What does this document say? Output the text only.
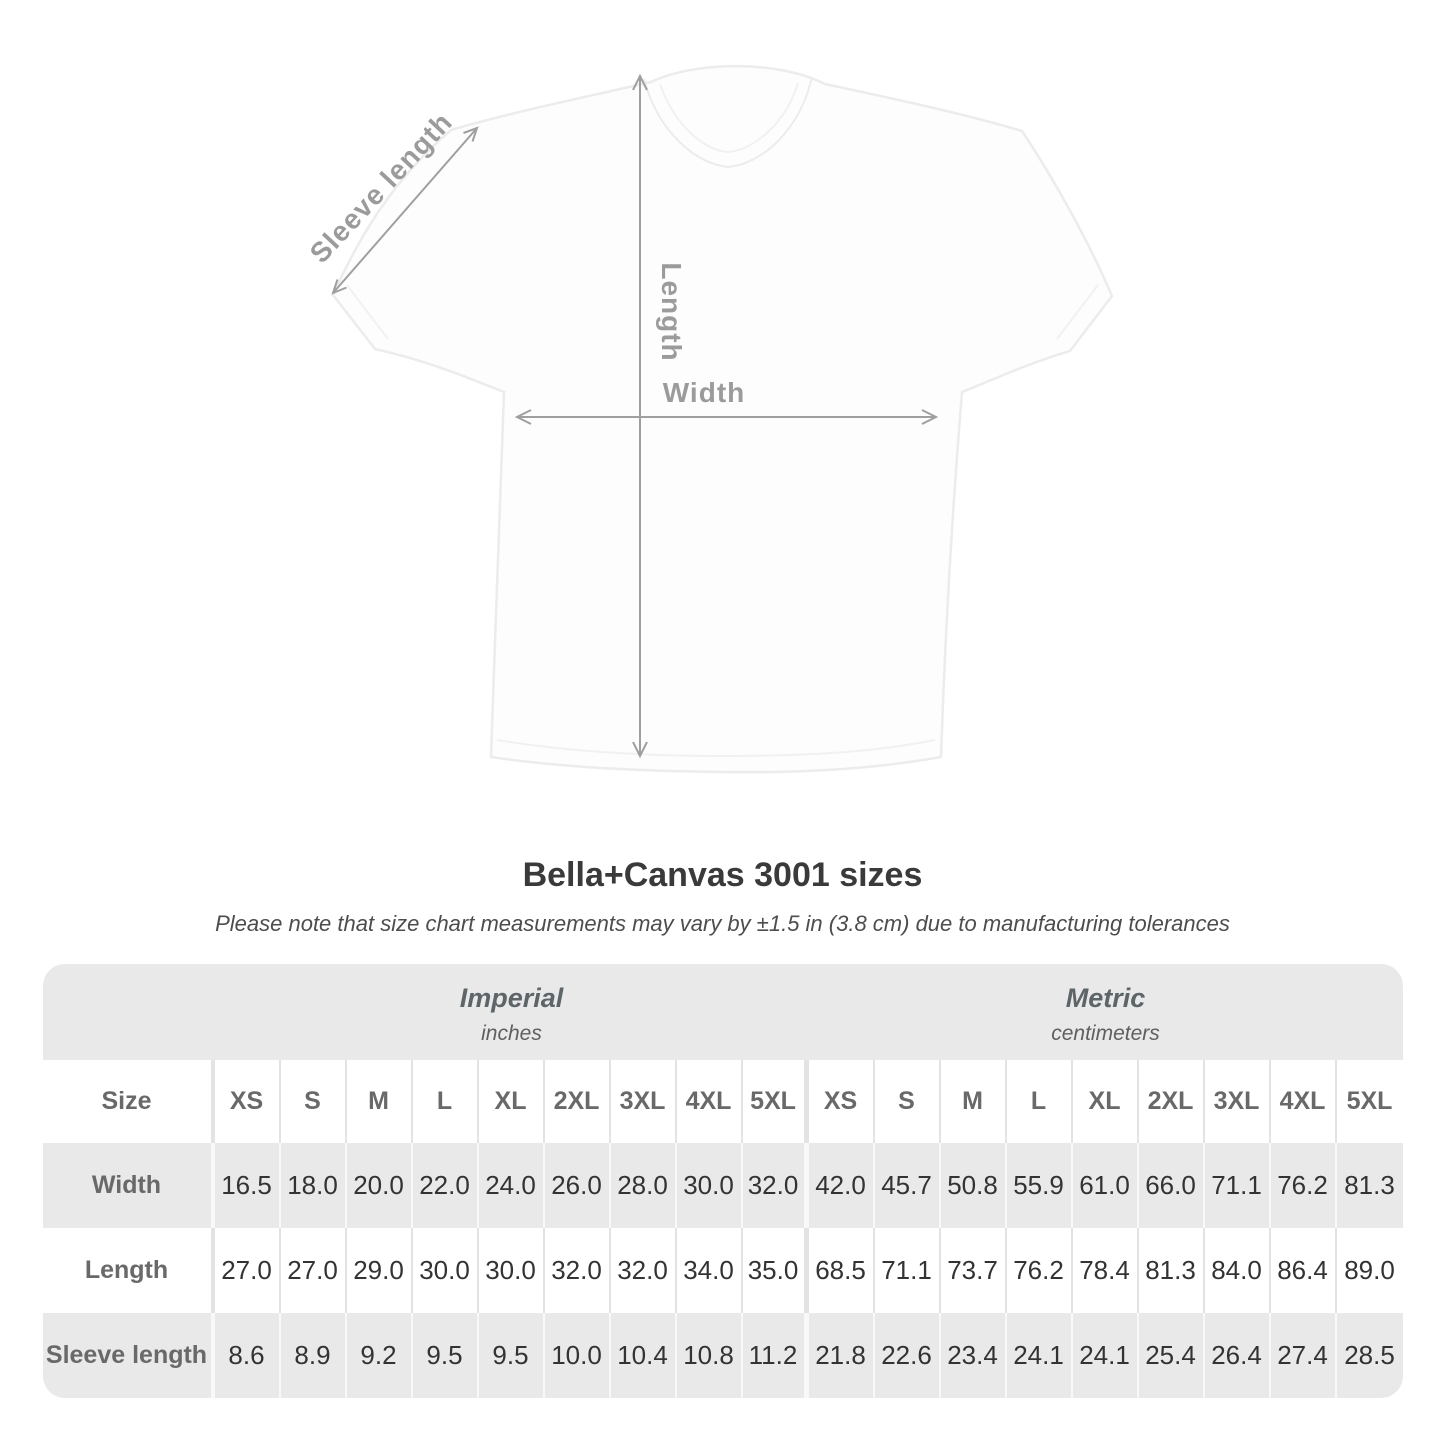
Sleeve length
Length
Width
Bella+Canvas 3001 sizes

Please note that size chart measurements may vary by ±1.5 in (3.8 cm) due to manufacturing tolerances

Imperial
inches
Metric
centimeters
Size	XS	S	M	L	XL	2XL 3XL 4XL 5XL	XS	S	M	L	XL	2XL 3XL 4XL 5XL
Width	16.5 18.0 20.0 22.0 24.0 26.0 28.0 30.0 32.0 42.0 45.7 50.8 55.9 61.0 66.0 71.1 76.2 81.3
Length	27.0 27.0 29.0 30.0 30.0 32.0 32.0 34.0 35.0 68.5 71.1 73.7 76.2 78.4 81.3 84.0 86.4 89.0
Sleeve length 8.6	8.9	9.2	9.5	9.5 10.0 10.4 10.8 11.2 21.8 22.6 23.4 24.1 24.1 25.4 26.4 27.4 28.5
